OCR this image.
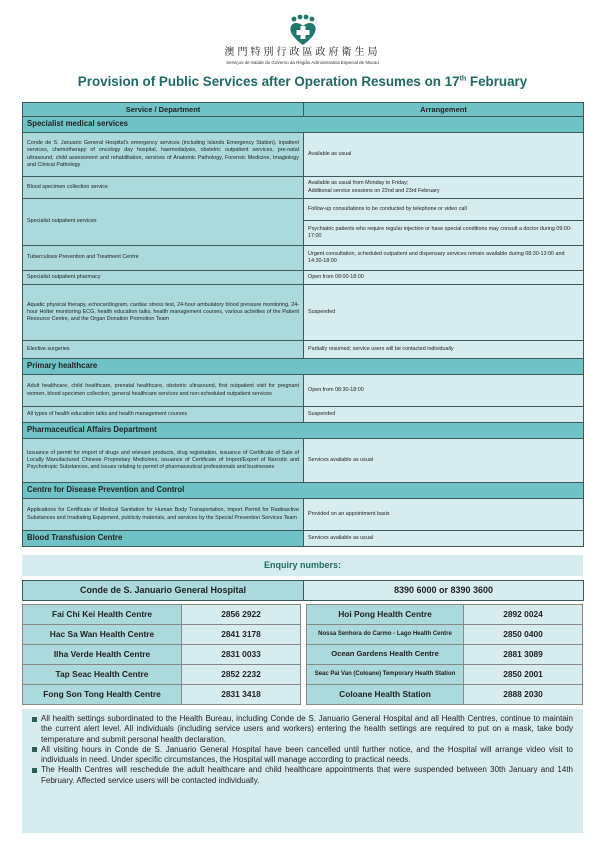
澳門特別行政區政府衛生局
Serviços de Saúde do Governo da Região Administrativa Especial de Macau
Provision of Public Services after Operation Resumes on 17th February
Service / Department	Arrangement
Specialist medical services	
Conde de S. Januario General Hospital's emergency services (including Islands Emergency Station), inpatient services, chemotherapy of oncology day hospital, haemodialysis, obstetric outpatient services, pre-natal ultrasound, child assessment and rehabilitation, services of Anatomic Pathology, Forensic Medicine, Imagiology and Clinical Pathology	Available as usual
Blood specimen collection service	Available as usual from Monday to Friday;
Additional service sessions on 22nd and 23rd February

Specialist outpatient services	Follow-up consultations to be conducted by telephone or video call
	Psychiatric patients who require regular injection or have special conditions may consult a doctor during 09:00-17:00
Tuberculosis Prevention and Treatment Centre	Urgent consultation, scheduled outpatient and dispensary services remain available during 08:30-13:00 and 14:30-18:00
Specialist outpatient pharmacy	Open from 09:00-18:00
Aquatic physical therapy, echocardiogram, cardiac stress test, 24-hour ambulatory blood pressure monitoring, 24-hour Holter monitoring ECG, health education talks, health management courses, various activities of the Patient Resource Centre, and the Organ Donation Promotion Team	Suspended
Elective surgeries	Partially resumed; service users will be contacted individually
Primary healthcare	
Adult healthcare, child healthcare, prenatal healthcare, obstetric ultrasound, first outpatient visit for pregnant women, blood specimen collection, general healthcare services and non-scheduled outpatient services	Open from 08:30-18:00
All types of health education talks and health management courses	Suspended
Pharmaceutical Affairs Department	
Issuance of permit for import of drugs and relevant products, drug registration, issuance of Certificate of Sale of Locally Manufactured Chinese Proprietary Medicines, issuance of Certificate of Import/Export of Narcotic and Psychotropic Substances, and issues relating to permit of pharmaceutical professionals and businesses	Services available as usual
Centre for Disease Prevention and Control	
Applications for Certificate of Medical Sanitation for Human Body Transportation, Import Permit for Radioactive Substances and Irradiating Equipment, publicity materials, and services by the Special Prevention Services Team	Provided on an appointment basis
Blood Transfusion Centre	Services available as usual
Enquiry numbers:
Conde de S. Januario General Hospital	8390 6000 or 8390 3600
Fai Chi Kei Health Centre	2856 2922
Hac Sa Wan Health Centre	2841 3178
Ilha Verde Health Centre	2831 0033
Tap Seac Health Centre	2852 2232
Fong Son Tong Health Centre	2831 3418
Hoi Pong Health Centre	2892 0024
Nossa Senhora do Carmo - Lago Health Centre	2850 0400
Ocean Gardens Health Centre	2881 3089
Seac Pai Van (Coloane) Temporary Health Station	2850 2001
Coloane Health Station	2888 2030

All health settings subordinated to the Health Bureau, including Conde de S. Januario General Hospital and all Health Centres, continue to maintain the current alert level. All individuals (including service users and workers) entering the health settings are required to put on a mask, take body temperature and submit personal health declaration.

All visiting hours in Conde de S. Januario General Hospital have been cancelled until further notice, and the Hospital will arrange video visit to individuals in need. Under specific circumstances, the Hospital will manage according to practical needs.

The Health Centres will reschedule the adult healthcare and child healthcare appointments that were suspended between 30th January and 14th February. Affected service users will be contacted individually.
